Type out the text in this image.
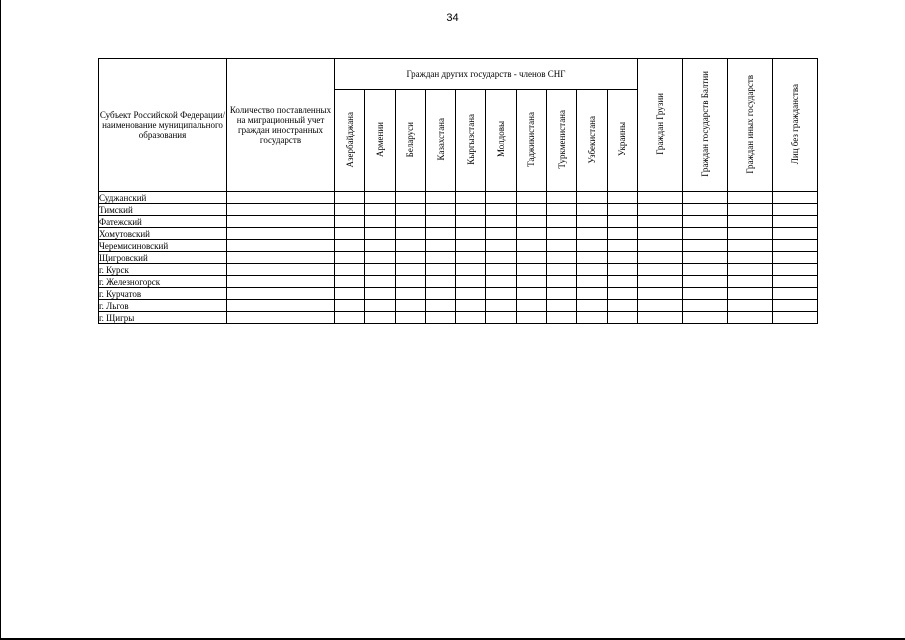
34
Субъект Российской Федерации/ наименование муниципального образования	Количество поставленных на миграционный учет граждан иностранных государств	Граждан других государств - членов СНГ										Граждан Грузии	Граждан государств Балтии	Граждан иных государств	Лиц без гражданства
		Азербайджана	Армении	Беларуси	Казахстана	Кыргызстана	Молдовы	Таджикистана	Туркменистана	Узбекистана	Украины				
Суджанский															
Тимский															
Фатежский															
Хомутовский															
Черемисиновский															
Щигровский															
г. Курск															
г. Железногорск															
г. Курчатов															
г. Льгов															
г. Щигры															
